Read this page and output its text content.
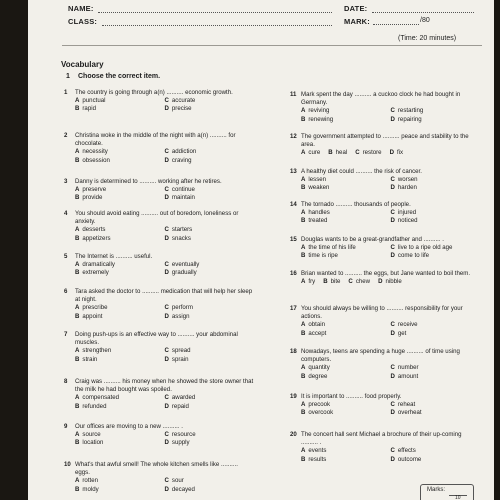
NAME:
CLASS:
DATE:
MARK:	/80
(Time: 20 minutes)
Vocabulary
1 Choose the correct item.
1 The country is going through a(n) .......... economic growth.
A punctual	C accurate
B rapid	D precise
2 Christina woke in the middle of the night with a(n) .......... for chocolate.
A necessity	C addiction
B obsession	D craving
3 Danny is determined to .......... working after he retires.
A preserve	C continue
B provide	D maintain
4 You should avoid eating .......... out of boredom, loneliness or anxiety.
A desserts	C starters
B appetizers	D snacks
5 The Internet is .......... useful.
A dramatically	C eventually
B extremely	D gradually
6 Tara asked the doctor to .......... medication that will help her sleep at night.
A prescribe	C perform
B appoint	D assign
7 Doing push-ups is an effective way to .......... your abdominal muscles.
A strengthen	C spread
B strain	D sprain
8 Craig was .......... his money when he showed the store owner that the milk he had bought was spoiled.
A compensated	C awarded
B refunded	D repaid
9 Our offices are moving to a new .......... .
A source	C resource
B location	D supply
10 What's that awful smell! The whole kitchen smells like .......... eggs.
A rotten	C sour
B moldy	D decayed
11 Mark spent the day .......... a cuckoo clock he had bought in Germany.
A reviving	C restarting
B renewing	D repairing
12 The government attempted to .......... peace and stability to the area.
A cure B heal C restore D fix
13 A healthy diet could .......... the risk of cancer.
A lessen	C worsen
B weaken	D harden
14 The tornado .......... thousands of people.
A handles	C injured
B treated	D noticed
15 Douglas wants to be a great-grandfather and .......... .
A the time of his life	C live to a ripe old age
B time is ripe	D come to life
16 Brian wanted to .......... the eggs, but Jane wanted to boil them.
A fry B bite C chew D nibble
17 You should always be willing to .......... responsibility for your actions.
A obtain	C receive
B accept	D get
18 Nowadays, teens are spending a huge .......... of time using computers.
A quantity	C number
B degree	D amount
19 It is important to .......... food properly.
A precook	C reheat
B overcook	D overheat
20 The concert hall sent Michael a brochure of their up-coming .......... .
A events	C effects
B results	D outcome
Marks:
10
